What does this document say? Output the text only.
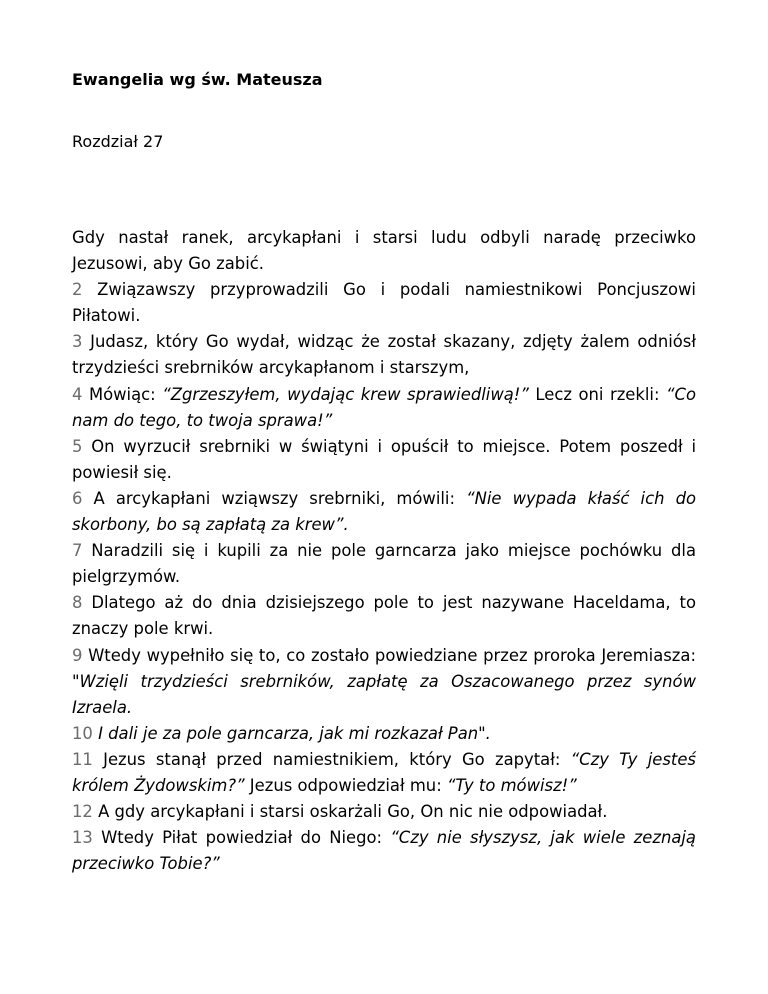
Ewangelia wg św. Mateusza
Rozdział 27

Gdy nastał ranek, arcykapłani i starsi ludu odbyli naradę przeciwko Jezusowi, aby Go zabić.

2 Związawszy przyprowadzili Go i podali namiestnikowi Poncjuszowi Piłatowi.

3 Judasz, który Go wydał, widząc że został skazany, zdjęty żalem odniósł trzydzieści srebrników arcykapłanom i starszym,

4 Mówiąc: “Zgrzeszyłem, wydając krew sprawiedliwą!” Lecz oni rzekli: “Co nam do tego, to twoja sprawa!”

5 On wyrzucił srebrniki w świątyni i opuścił to miejsce. Potem poszedł i powiesił się.

6 A arcykapłani wziąwszy srebrniki, mówili: “Nie wypada kłaść ich do skorbony, bo są zapłatą za krew”.

7 Naradzili się i kupili za nie pole garncarza jako miejsce pochówku dla pielgrzymów.

8 Dlatego aż do dnia dzisiejszego pole to jest nazywane Haceldama, to znaczy pole krwi.

9 Wtedy wypełniło się to, co zostało powiedziane przez proroka Jeremiasza: "Wzięli trzydzieści srebrników, zapłatę za Oszacowanego przez synów Izraela.

10 I dali je za pole garncarza, jak mi rozkazał Pan".

11 Jezus stanął przed namiestnikiem, który Go zapytał: “Czy Ty jesteś królem Żydowskim?” Jezus odpowiedział mu: “Ty to mówisz!”

12 A gdy arcykapłani i starsi oskarżali Go, On nic nie odpowiadał.

13 Wtedy Piłat powiedział do Niego: “Czy nie słyszysz, jak wiele zeznają przeciwko Tobie?”
